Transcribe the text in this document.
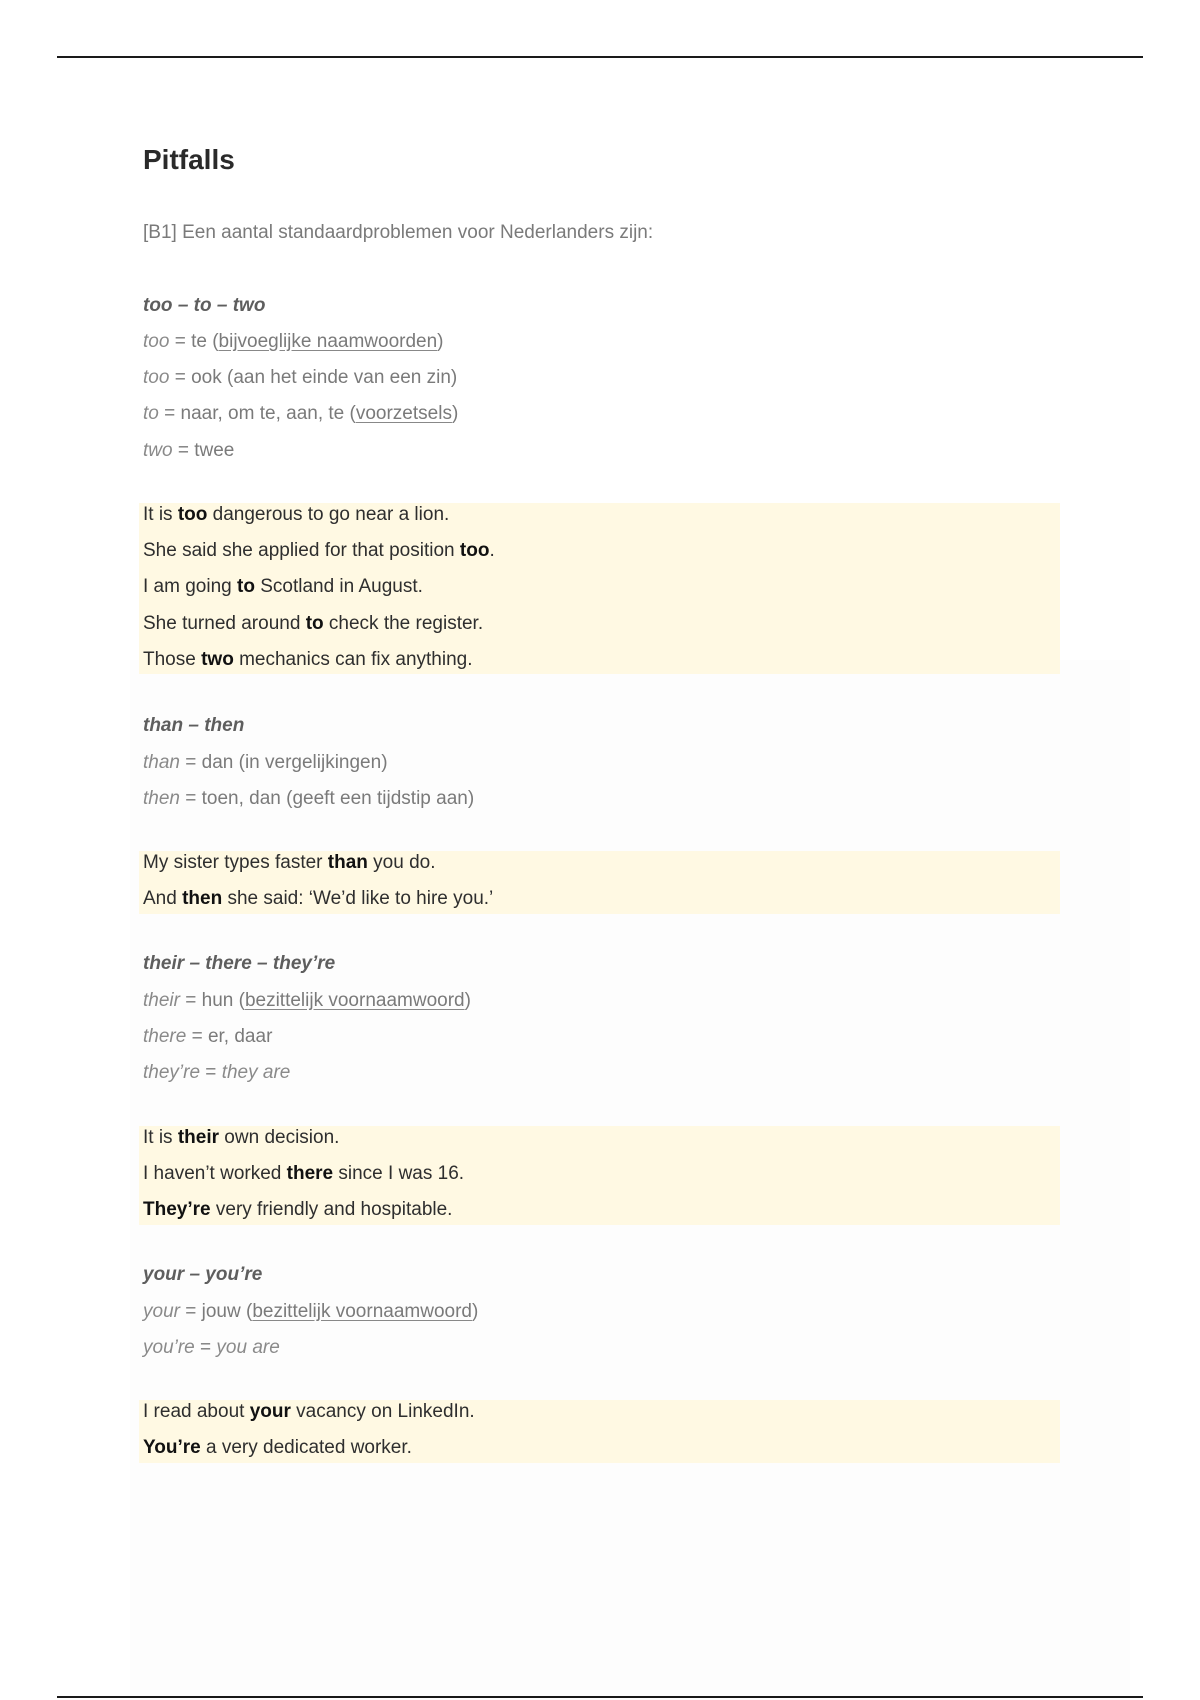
Pitfalls
[B1] Een aantal standaardproblemen voor Nederlanders zijn:
too – to – two
too = te (bijvoeglijke naamwoorden)
too = ook (aan het einde van een zin)
to = naar, om te, aan, te (voorzetsels)
two = twee
than – then
than = dan (in vergelijkingen)
then = toen, dan (geeft een tijdstip aan)
their – there – they’re
their = hun (bezittelijk voornaamwoord)
there = er, daar
they’re = they are
your – you’re
your = jouw (bezittelijk voornaamwoord)
you’re = you are
It is too dangerous to go near a lion.
She said she applied for that position too.
I am going to Scotland in August.
She turned around to check the register.
Those two mechanics can fix anything.
My sister types faster than you do.
And then she said: ‘We’d like to hire you.’
It is their own decision.
I haven’t worked there since I was 16.
They’re very friendly and hospitable.
I read about your vacancy on LinkedIn.
You’re a very dedicated worker.
